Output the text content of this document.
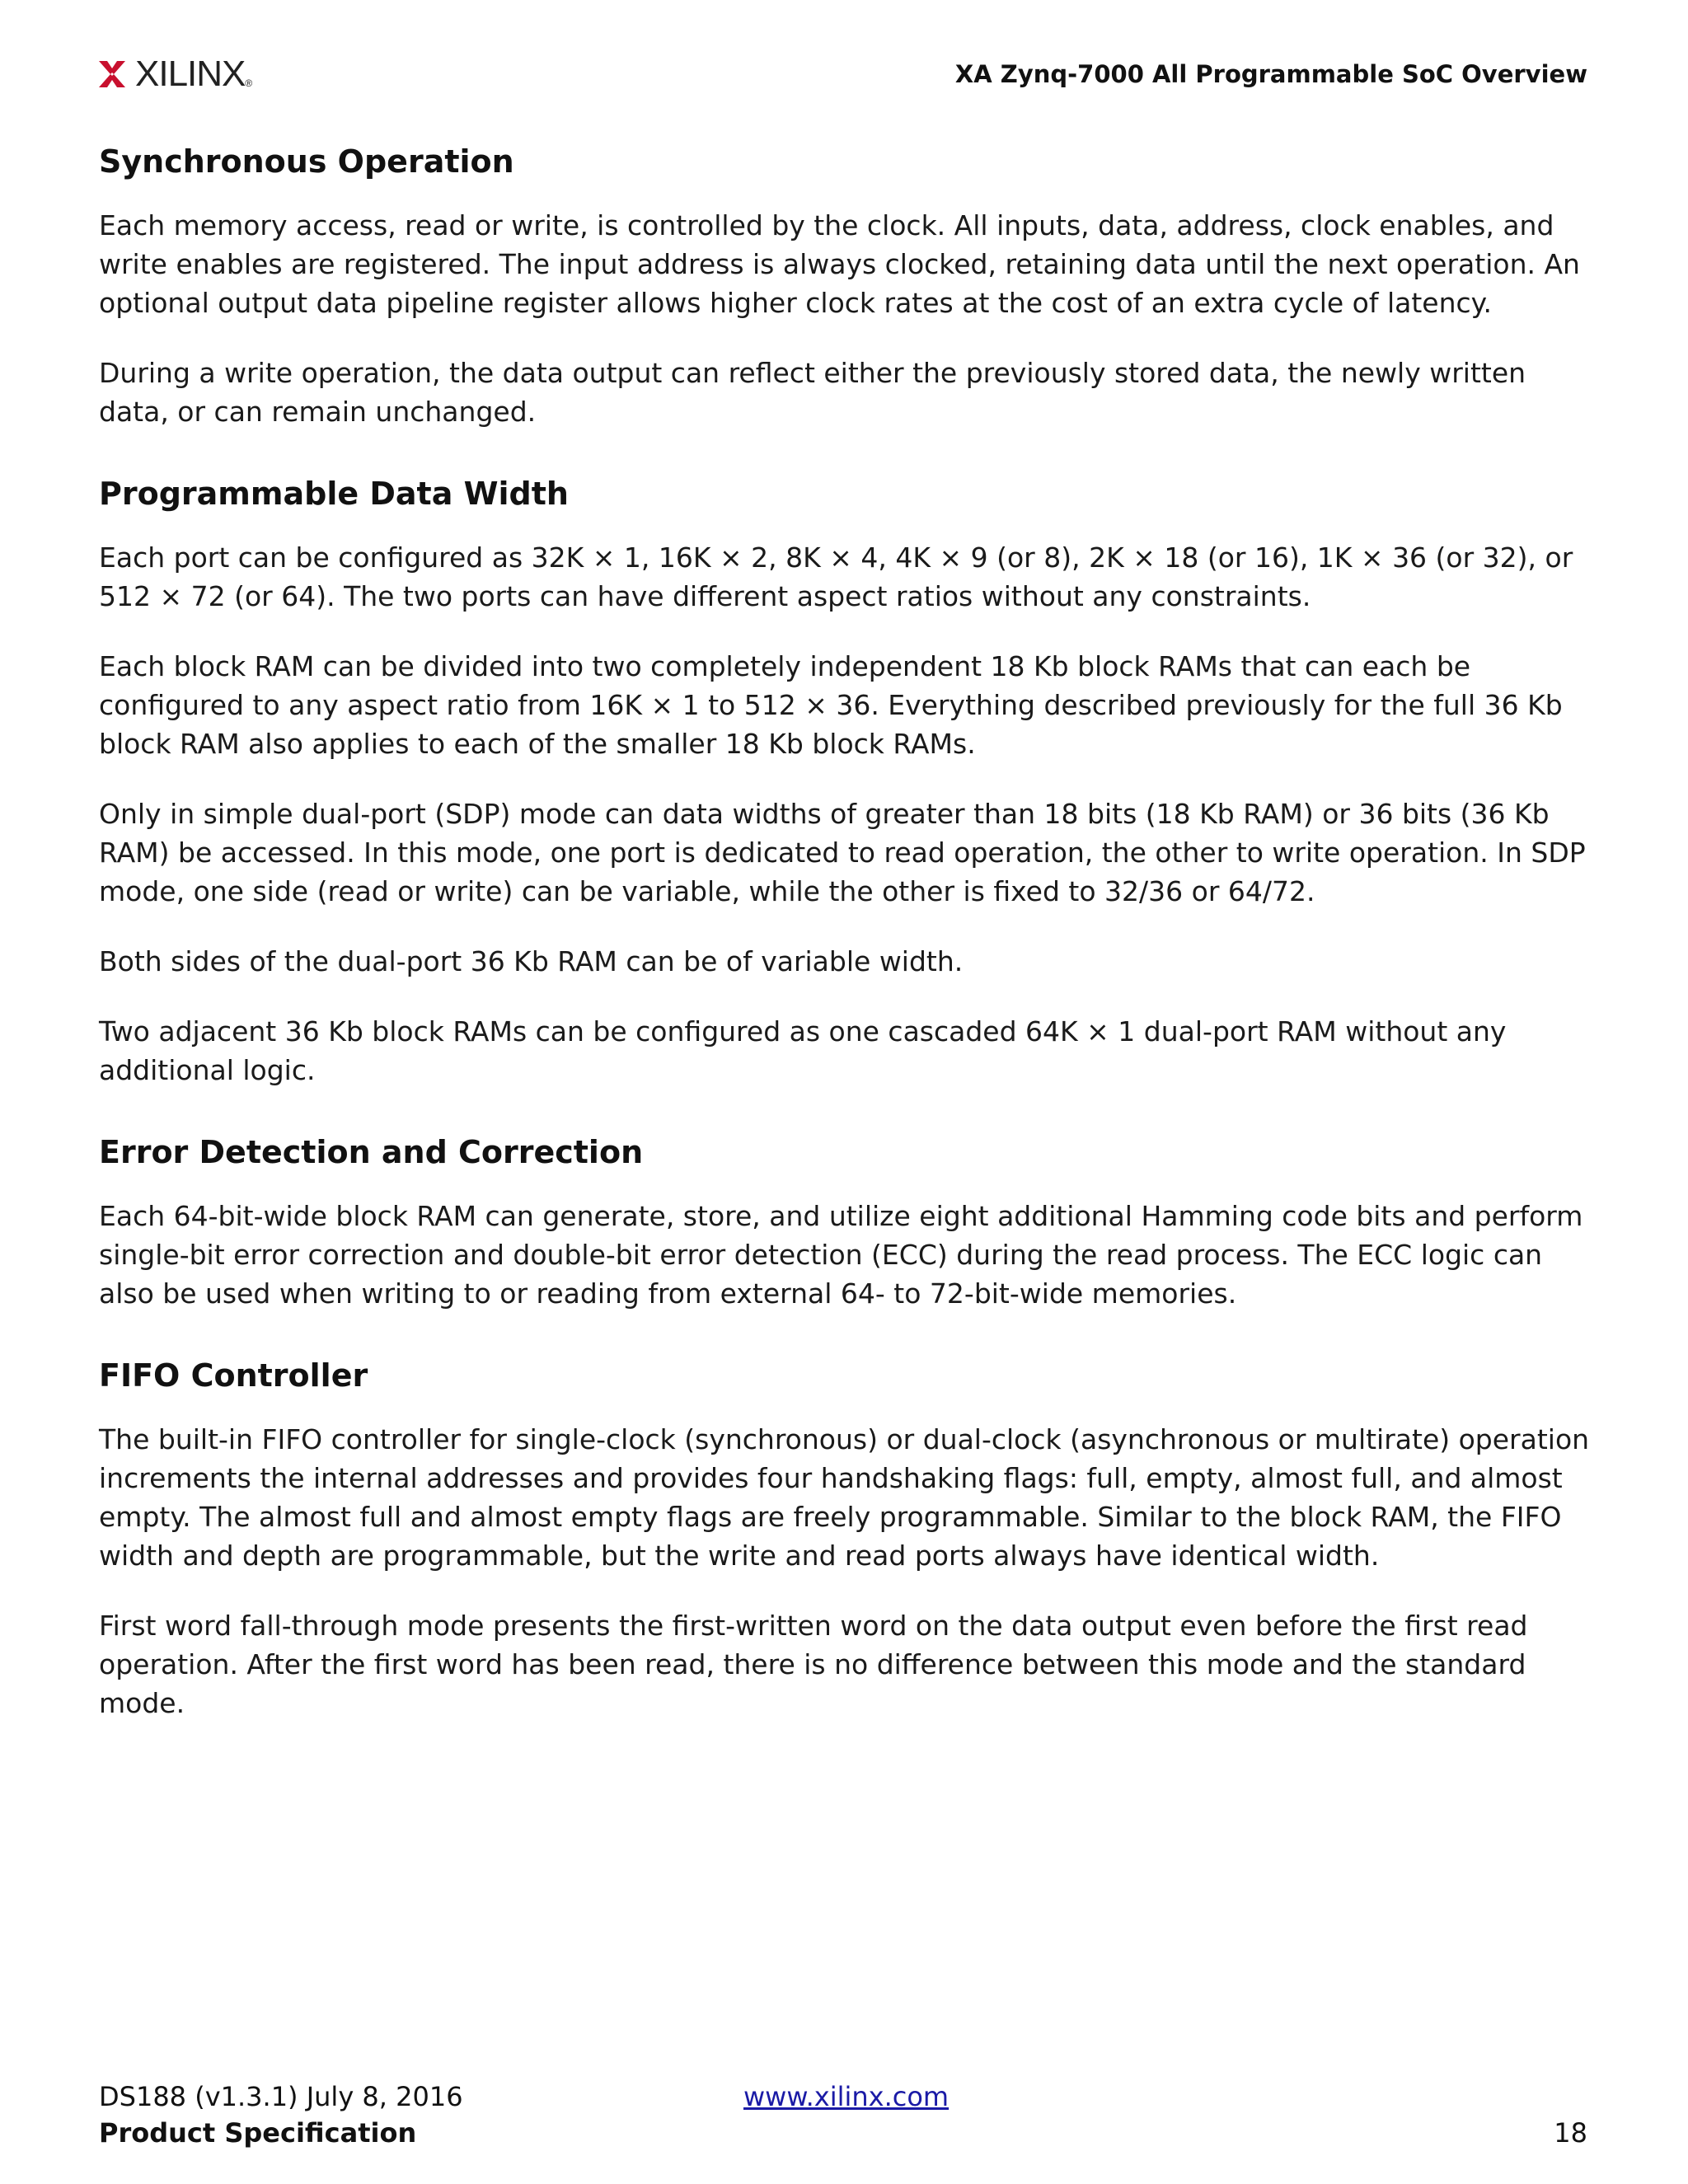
XILINX ®	XA Zynq-7000 All Programmable SoC Overview
Synchronous Operation

Each memory access, read or write, is controlled by the clock. All inputs, data, address, clock enables, and write enables are registered. The input address is always clocked, retaining data until the next operation. An optional output data pipeline register allows higher clock rates at the cost of an extra cycle of latency.

During a write operation, the data output can reflect either the previously stored data, the newly written data, or can remain unchanged.

Programmable Data Width

Each port can be configured as 32K × 1, 16K × 2, 8K × 4, 4K × 9 (or 8), 2K × 18 (or 16), 1K × 36 (or 32), or 512 × 72 (or 64). The two ports can have different aspect ratios without any constraints.

Each block RAM can be divided into two completely independent 18 Kb block RAMs that can each be configured to any aspect ratio from 16K × 1 to 512 × 36. Everything described previously for the full 36 Kb block RAM also applies to each of the smaller 18 Kb block RAMs.

Only in simple dual-port (SDP) mode can data widths of greater than 18 bits (18 Kb RAM) or 36 bits (36 Kb RAM) be accessed. In this mode, one port is dedicated to read operation, the other to write operation. In SDP mode, one side (read or write) can be variable, while the other is fixed to 32/36 or 64/72.

Both sides of the dual-port 36 Kb RAM can be of variable width.

Two adjacent 36 Kb block RAMs can be configured as one cascaded 64K × 1 dual-port RAM without any additional logic.

Error Detection and Correction

Each 64-bit-wide block RAM can generate, store, and utilize eight additional Hamming code bits and perform single-bit error correction and double-bit error detection (ECC) during the read process. The ECC logic can also be used when writing to or reading from external 64- to 72-bit-wide memories.

FIFO Controller

The built-in FIFO controller for single-clock (synchronous) or dual-clock (asynchronous or multirate) operation increments the internal addresses and provides four handshaking flags: full, empty, almost full, and almost empty. The almost full and almost empty flags are freely programmable. Similar to the block RAM, the FIFO width and depth are programmable, but the write and read ports always have identical width.

First word fall-through mode presents the first-written word on the data output even before the first read operation. After the first word has been read, there is no difference between this mode and the standard mode.

DS188 (v1.3.1) July 8, 2016
Product Specification
www.xilinx.com
18
